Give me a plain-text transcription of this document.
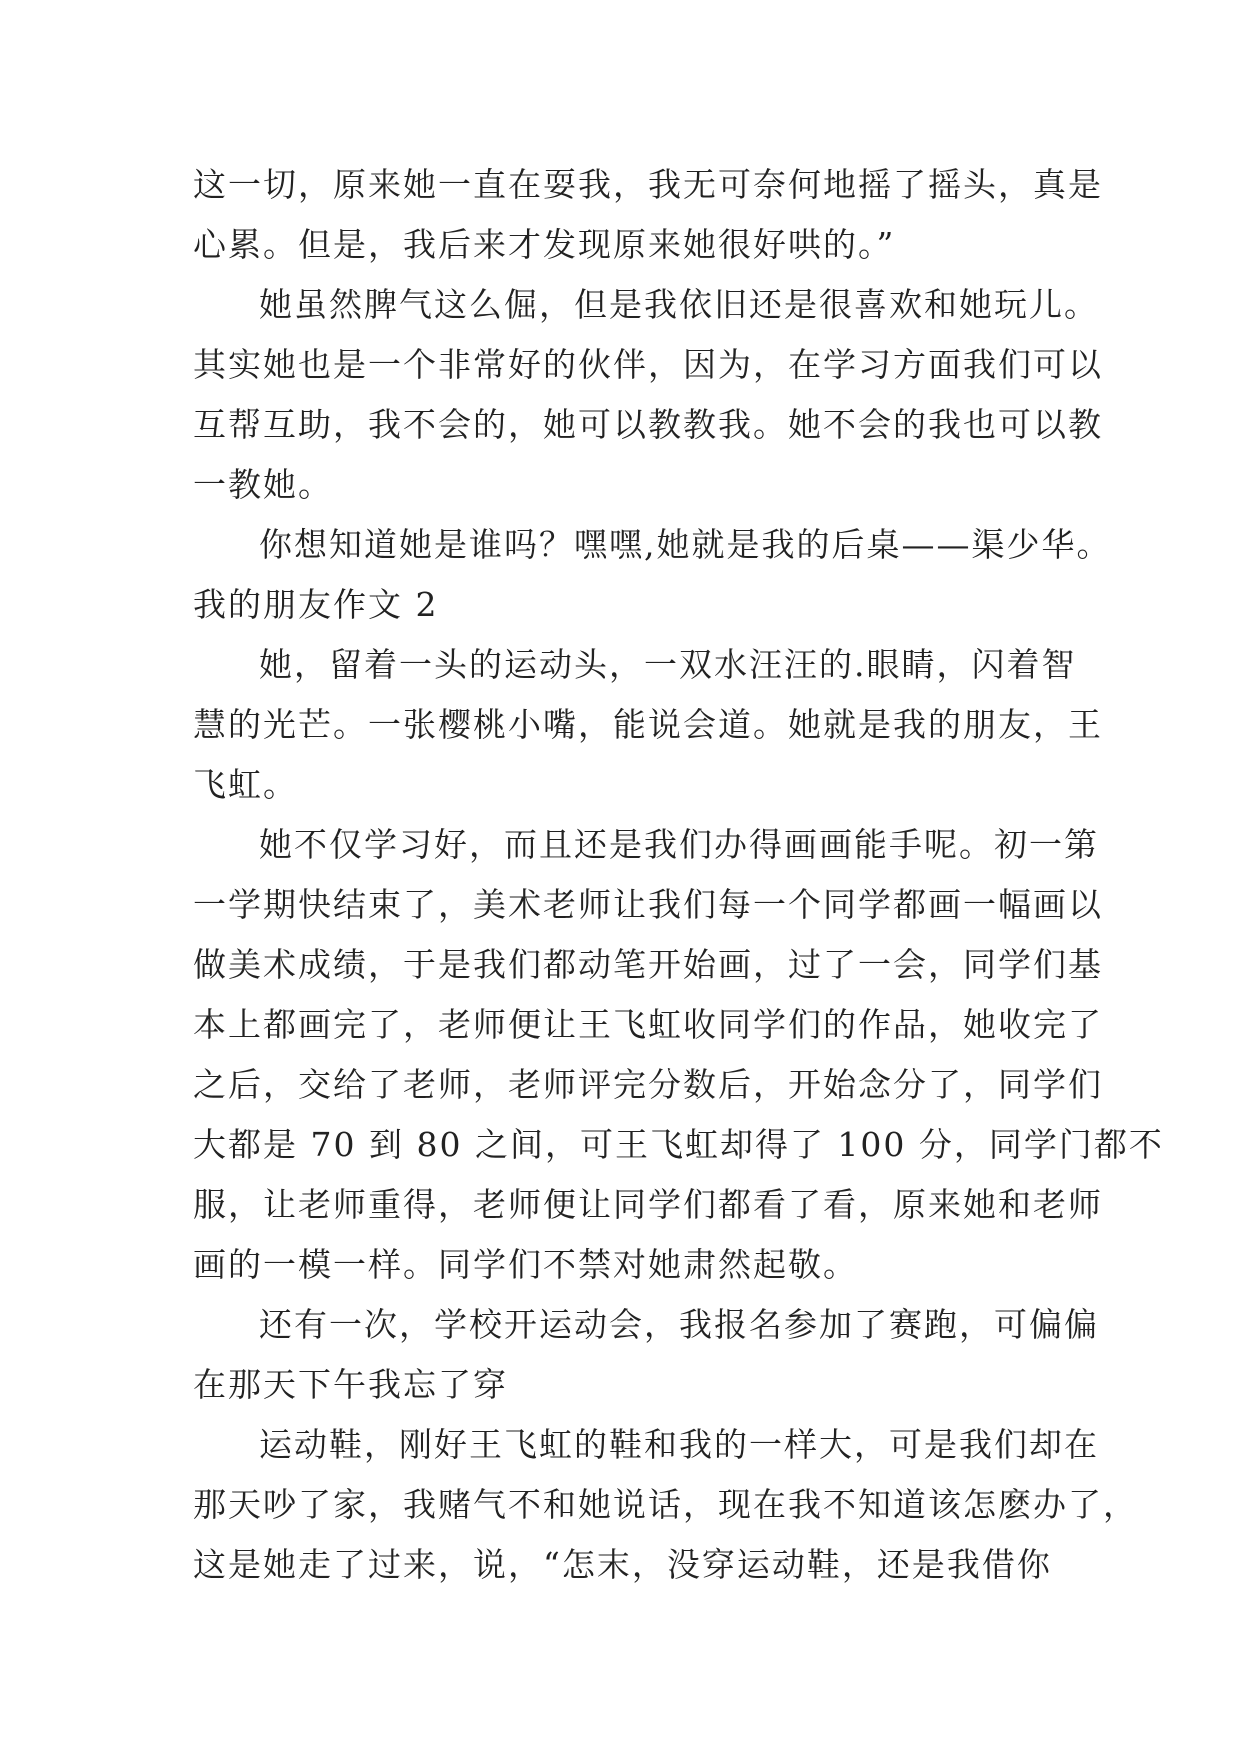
这一切，原来她一直在耍我，我无可奈何地摇了摇头，真是
心累。但是，我后来才发现原来她很好哄的。”
她虽然脾气这么倔，但是我依旧还是很喜欢和她玩儿。
其实她也是一个非常好的伙伴，因为，在学习方面我们可以
互帮互助，我不会的，她可以教教我。她不会的我也可以教
一教她。
你想知道她是谁吗？嘿嘿,她就是我的后桌——渠少华。
我的朋友作文 2
她，留着一头的运动头，一双水汪汪的.眼睛，闪着智
慧的光芒。一张樱桃小嘴，能说会道。她就是我的朋友，王
飞虹。
她不仅学习好，而且还是我们办得画画能手呢。初一第
一学期快结束了，美术老师让我们每一个同学都画一幅画以
做美术成绩，于是我们都动笔开始画，过了一会，同学们基
本上都画完了，老师便让王飞虹收同学们的作品，她收完了
之后，交给了老师，老师评完分数后，开始念分了，同学们
大都是 70 到 80 之间，可王飞虹却得了 100 分，同学门都不
服，让老师重得，老师便让同学们都看了看，原来她和老师
画的一模一样。同学们不禁对她肃然起敬。
还有一次，学校开运动会，我报名参加了赛跑，可偏偏
在那天下午我忘了穿
运动鞋，刚好王飞虹的鞋和我的一样大，可是我们却在
那天吵了家，我赌气不和她说话，现在我不知道该怎麽办了，
这是她走了过来，说，“怎末，没穿运动鞋，还是我借你
